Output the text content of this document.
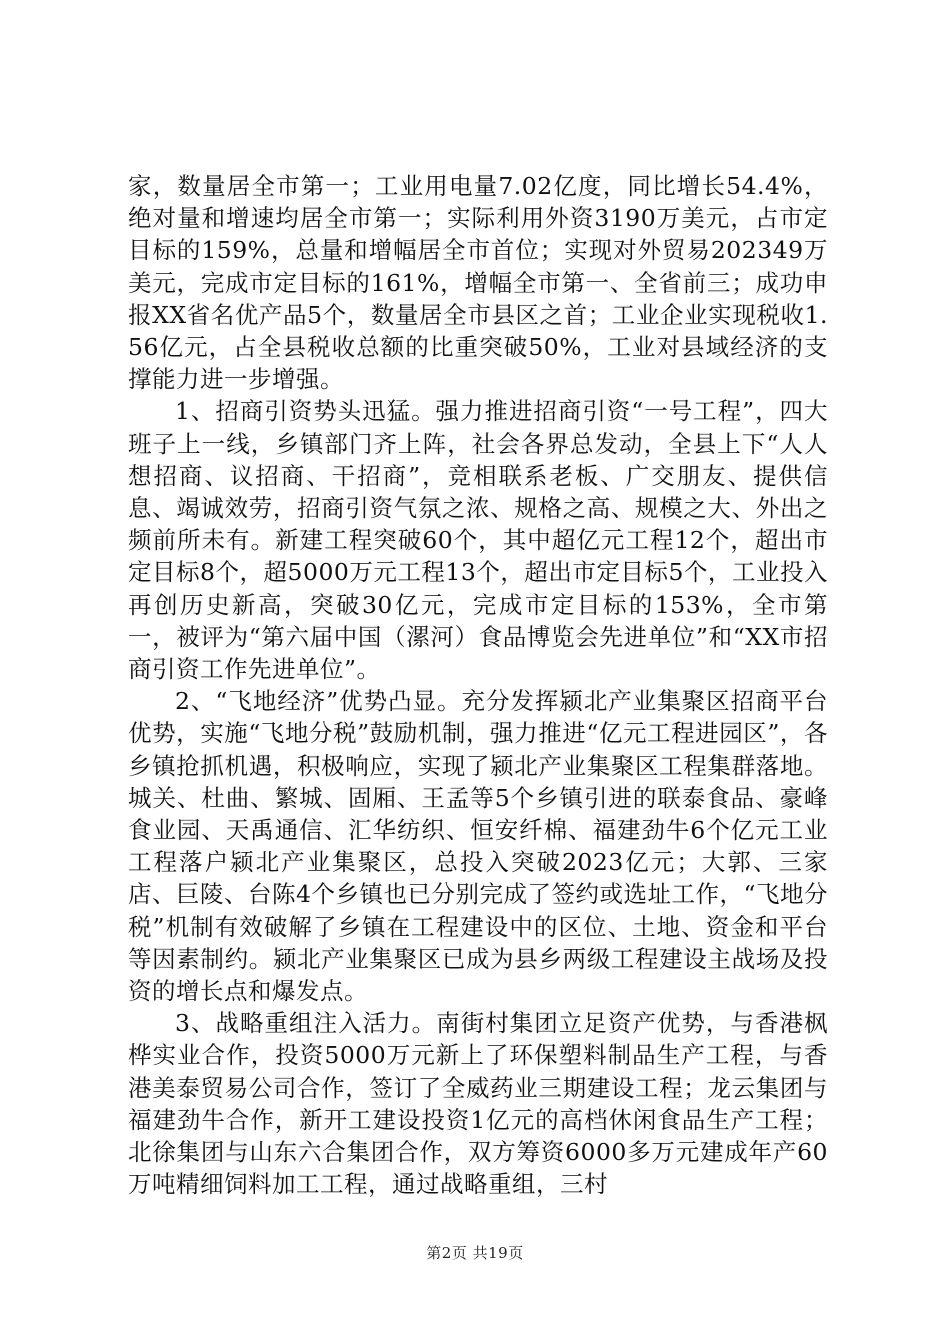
家，数量居全市第一；工业用电量7.02亿度，同比增长54.4%，绝对量和增速均居全市第一；实际利用外资3190万美元，占市定目标的159%，总量和增幅居全市首位；实现对外贸易202349万美元，完成市定目标的161%，增幅全市第一、全省前三；成功申报XX省名优产品5个，数量居全市县区之首；工业企业实现税收1.56亿元，占全县税收总额的比重突破50%，工业对县域经济的支撑能力进一步增强。

1、招商引资势头迅猛。强力推进招商引资“一号工程”，四大班子上一线，乡镇部门齐上阵，社会各界总发动，全县上下“人人想招商、议招商、干招商”，竞相联系老板、广交朋友、提供信息、竭诚效劳，招商引资气氛之浓、规格之高、规模之大、外出之频前所未有。新建工程突破60个，其中超亿元工程12个，超出市定目标8个，超5000万元工程13个，超出市定目标5个，工业投入再创历史新高，突破30亿元，完成市定目标的153%，全市第一，被评为“第六届中国（漯河）食品博览会先进单位”和“XX市招商引资工作先进单位”。

2、“飞地经济”优势凸显。充分发挥颍北产业集聚区招商平台优势，实施“飞地分税”鼓励机制，强力推进“亿元工程进园区”，各乡镇抢抓机遇，积极响应，实现了颍北产业集聚区工程集群落地。城关、杜曲、繁城、固厢、王孟等5个乡镇引进的联泰食品、豪峰食业园、天禹通信、汇华纺织、恒安纤棉、福建劲牛6个亿元工业工程落户颍北产业集聚区，总投入突破2023亿元；大郭、三家店、巨陵、台陈4个乡镇也已分别完成了签约或选址工作，“飞地分税”机制有效破解了乡镇在工程建设中的区位、土地、资金和平台等因素制约。颍北产业集聚区已成为县乡两级工程建设主战场及投资的增长点和爆发点。

3、战略重组注入活力。南街村集团立足资产优势，与香港枫桦实业合作，投资5000万元新上了环保塑料制品生产工程，与香港美泰贸易公司合作，签订了全威药业三期建设工程；龙云集团与福建劲牛合作，新开工建设投资1亿元的高档休闲食品生产工程；北徐集团与山东六合集团合作，双方筹资6000多万元建成年产60万吨精细饲料加工工程，通过战略重组，三村

第2页 共19页
